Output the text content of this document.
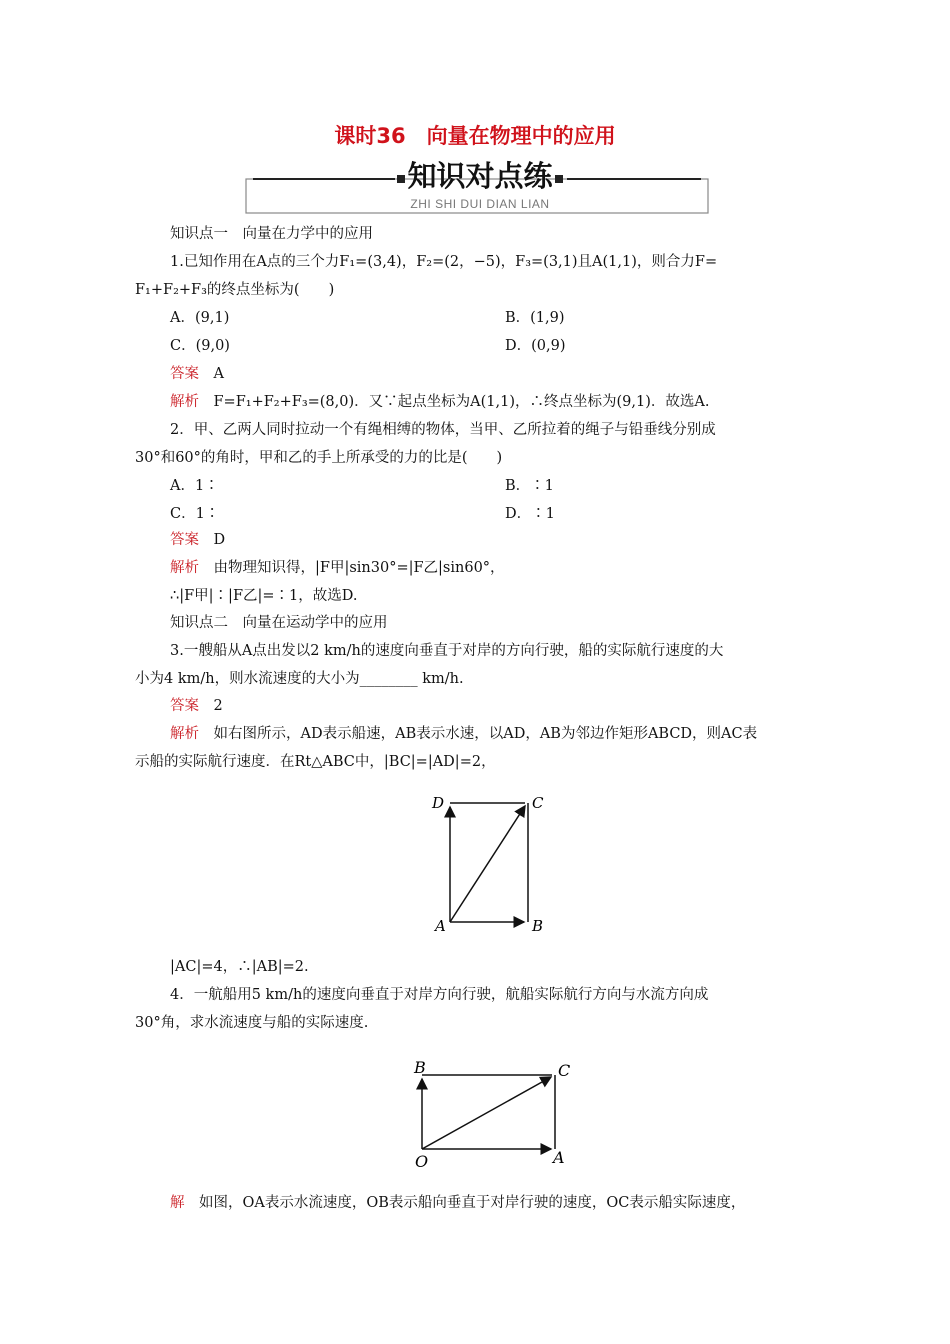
课时36　向量在物理中的应用
知识对点练
ZHI SHI DUI DIAN LIAN
知识点一　向量在力学中的应用
1.已知作用在A点的三个力F₁=(3,4)，F₂=(2，−5)，F₃=(3,1)且A(1,1)，则合力F=
F₁+F₂+F₃的终点坐标为(　　)
A．(9,1)	B．(1,9)
C．(9,0)	D．(0,9)
答案　 A
解析　 F=F₁+F₂+F₃=(8,0)．又∵起点坐标为A(1,1)，∴终点坐标为(9,1)．故选A.
2．甲、乙两人同时拉动一个有绳相缚的物体，当甲、乙所拉着的绳子与铅垂线分别成
30°和60°的角时，甲和乙的手上所承受的力的比是(　　)
A．1∶	B．∶1
C．1∶	D．∶1
答案　 D
解析　 由物理知识得，|F甲|sin30°=|F乙|sin60°，
∴|F甲|∶|F乙|=∶1，故选D.
知识点二　向量在运动学中的应用
3.一艘船从A点出发以2 km/h的速度向垂直于对岸的方向行驶，船的实际航行速度的大
小为4 km/h，则水流速度的大小为________ km/h.
答案　 2
解析　 如右图所示，AD表示船速，AB表示水速，以AD，AB为邻边作矩形ABCD，则AC表
示船的实际航行速度．在Rt△ABC中，|BC|=|AD|=2，
D	C
A	B
|AC|=4，∴|AB|=2.
4．一航船用5 km/h的速度向垂直于对岸方向行驶，航船实际航行方向与水流方向成
30°角，求水流速度与船的实际速度.
B	C
O	A
解　 如图，OA表示水流速度，OB表示船向垂直于对岸行驶的速度，OC表示船实际速度，
